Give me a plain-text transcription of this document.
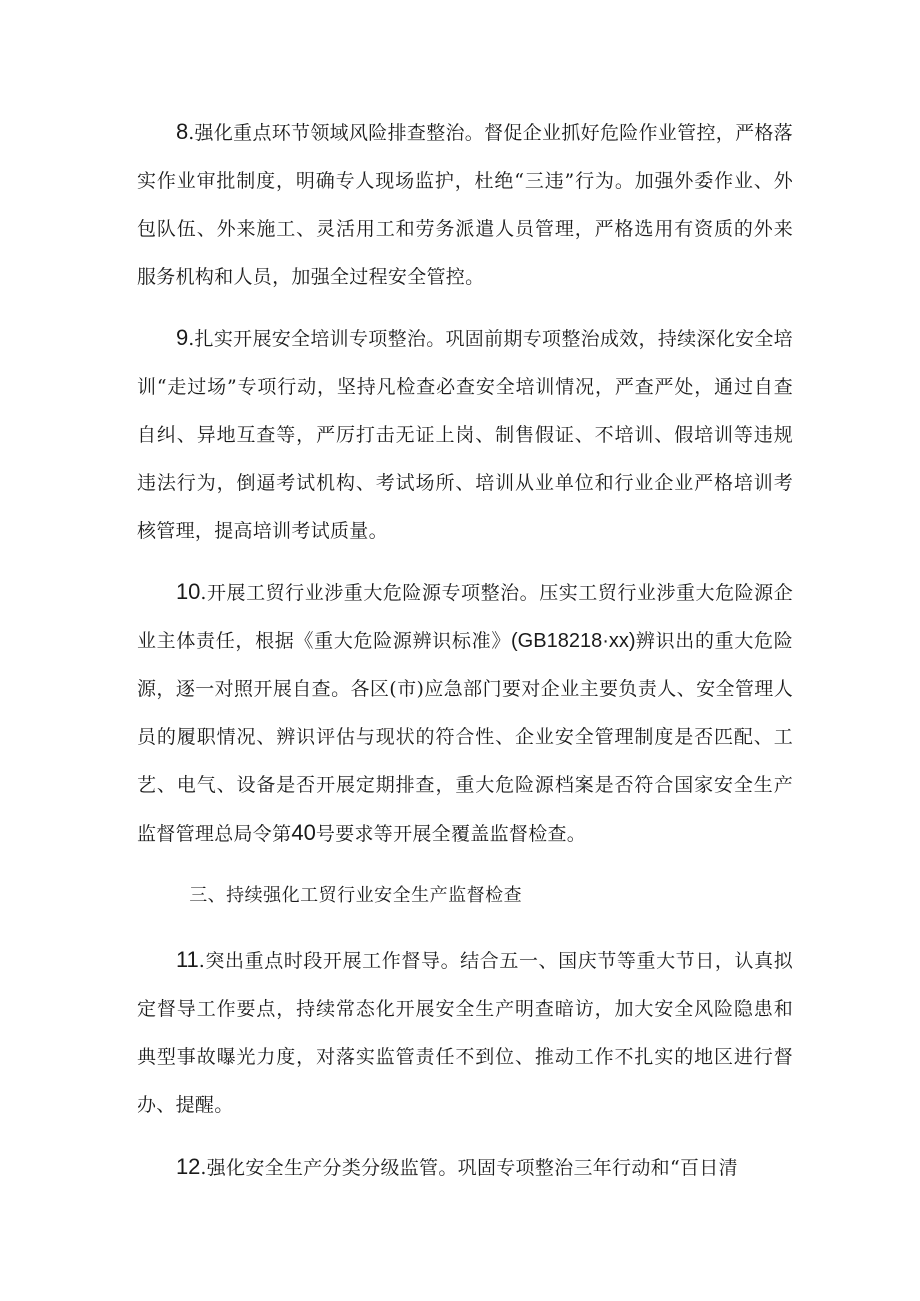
8.强化重点环节领域风险排查整治。督促企业抓好危险作业管控，严格落实作业审批制度，明确专人现场监护，杜绝“三违”行为。加强外委作业、外包队伍、外来施工、灵活用工和劳务派遣人员管理，严格选用有资质的外来服务机构和人员，加强全过程安全管控。

9.扎实开展安全培训专项整治。巩固前期专项整治成效，持续深化安全培训“走过场”专项行动，坚持凡检查必查安全培训情况，严查严处，通过自查自纠、异地互查等，严厉打击无证上岗、制售假证、不培训、假培训等违规违法行为，倒逼考试机构、考试场所、培训从业单位和行业企业严格培训考核管理，提高培训考试质量。

10.开展工贸行业涉重大危险源专项整治。压实工贸行业涉重大危险源企业主体责任，根据《重大危险源辨识标准》(GB18218·xx)辨识出的重大危险源，逐一对照开展自查。各区(市)应急部门要对企业主要负责人、安全管理人员的履职情况、辨识评估与现状的符合性、企业安全管理制度是否匹配、工艺、电气、设备是否开展定期排查，重大危险源档案是否符合国家安全生产监督管理总局令第40号要求等开展全覆盖监督检查。

三、持续强化工贸行业安全生产监督检查

11.突出重点时段开展工作督导。结合五一、国庆节等重大节日，认真拟定督导工作要点，持续常态化开展安全生产明查暗访，加大安全风险隐患和典型事故曝光力度，对落实监管责任不到位、推动工作不扎实的地区进行督办、提醒。

12.强化安全生产分类分级监管。巩固专项整治三年行动和“百日清
